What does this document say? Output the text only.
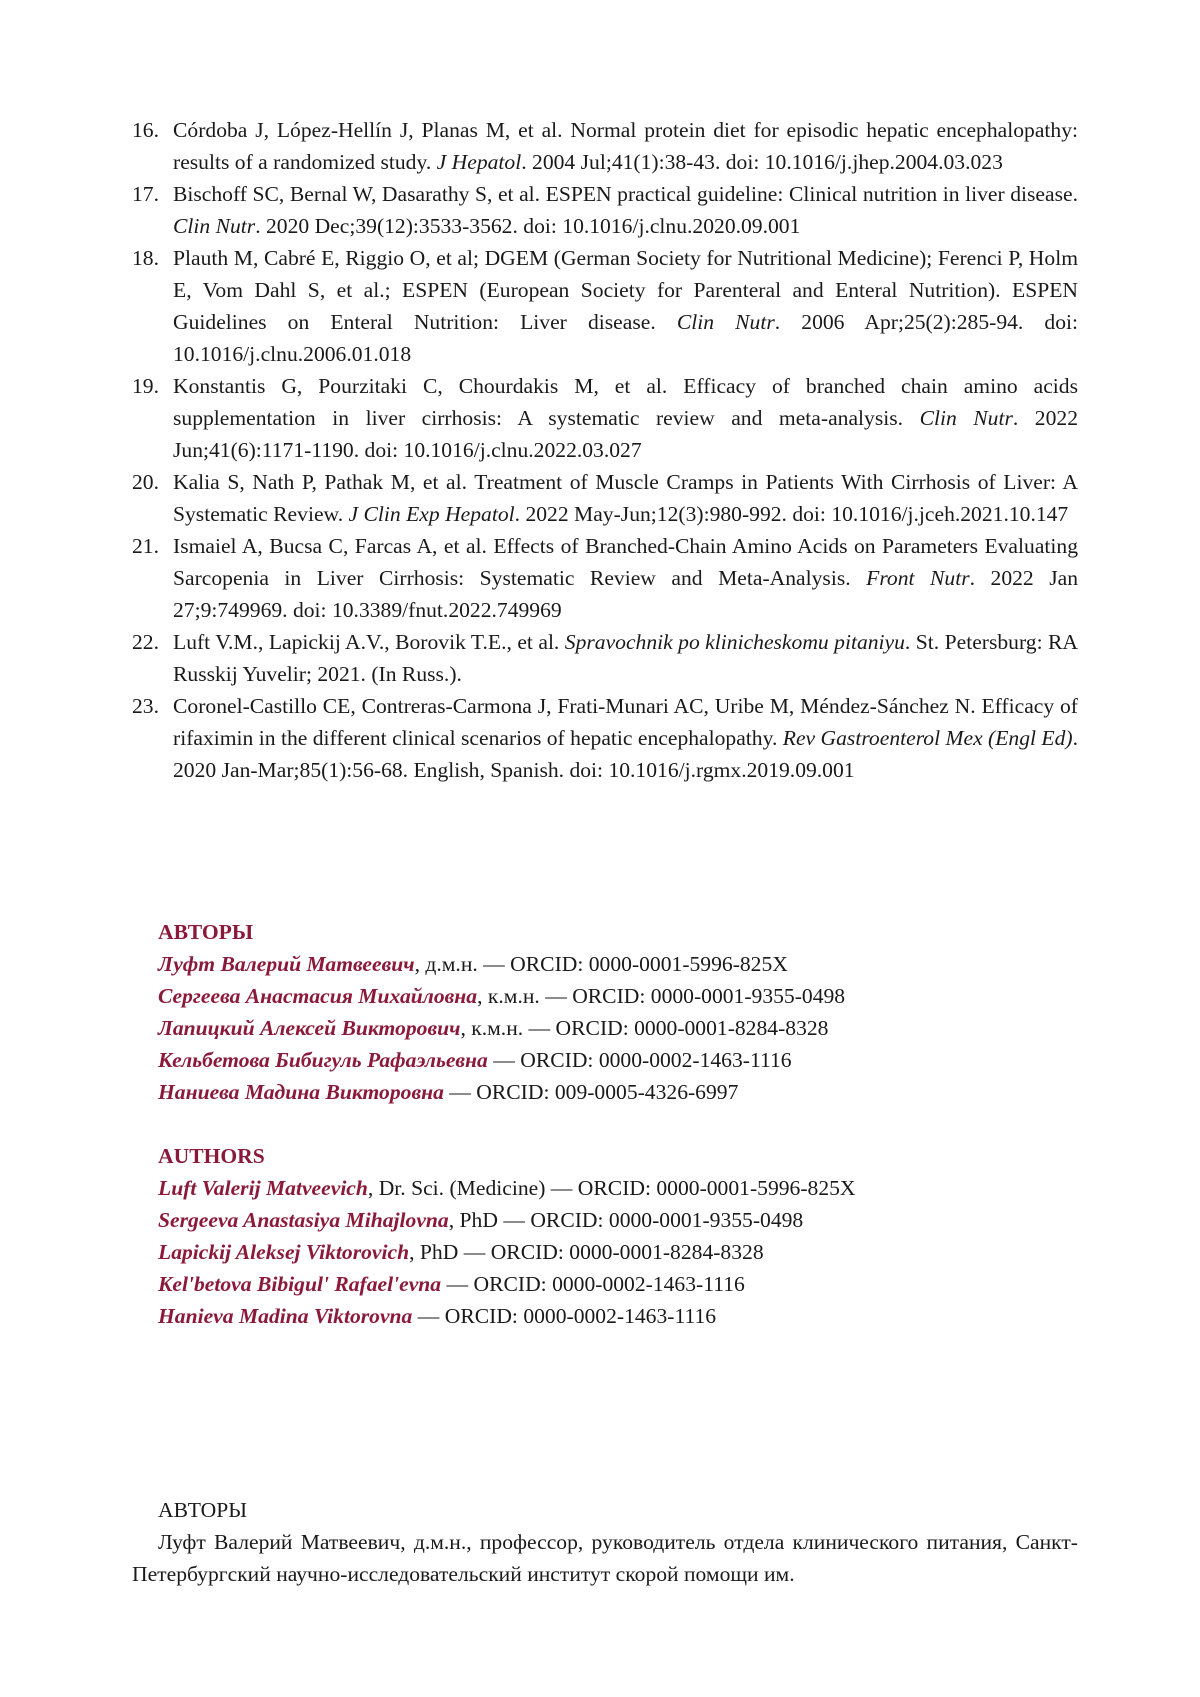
16. Córdoba J, López-Hellín J, Planas M, et al. Normal protein diet for episodic hepatic encephalopathy: results of a randomized study. J Hepatol. 2004 Jul;41(1):38-43. doi: 10.1016/j.jhep.2004.03.023
17. Bischoff SC, Bernal W, Dasarathy S, et al. ESPEN practical guideline: Clinical nutrition in liver disease. Clin Nutr. 2020 Dec;39(12):3533-3562. doi: 10.1016/j.clnu.2020.09.001
18. Plauth M, Cabré E, Riggio O, et al; DGEM (German Society for Nutritional Medicine); Ferenci P, Holm E, Vom Dahl S, et al.; ESPEN (European Society for Parenteral and Enteral Nutrition). ESPEN Guidelines on Enteral Nutrition: Liver disease. Clin Nutr. 2006 Apr;25(2):285-94. doi: 10.1016/j.clnu.2006.01.018
19. Konstantis G, Pourzitaki C, Chourdakis M, et al. Efficacy of branched chain amino acids supplementation in liver cirrhosis: A systematic review and meta-analysis. Clin Nutr. 2022 Jun;41(6):1171-1190. doi: 10.1016/j.clnu.2022.03.027
20. Kalia S, Nath P, Pathak M, et al. Treatment of Muscle Cramps in Patients With Cirrhosis of Liver: A Systematic Review. J Clin Exp Hepatol. 2022 May-Jun;12(3):980-992. doi: 10.1016/j.jceh.2021.10.147
21. Ismaiel A, Bucsa C, Farcas A, et al. Effects of Branched-Chain Amino Acids on Parameters Evaluating Sarcopenia in Liver Cirrhosis: Systematic Review and Meta-Analysis. Front Nutr. 2022 Jan 27;9:749969. doi: 10.3389/fnut.2022.749969
22. Luft V.M., Lapickij A.V., Borovik T.E., et al. Spravochnik po klinicheskomu pitaniyu. St. Petersburg: RA Russkij Yuvelir; 2021. (In Russ.).
23. Coronel-Castillo CE, Contreras-Carmona J, Frati-Munari AC, Uribe M, Méndez-Sánchez N. Efficacy of rifaximin in the different clinical scenarios of hepatic encephalopathy. Rev Gastroenterol Mex (Engl Ed). 2020 Jan-Mar;85(1):56-68. English, Spanish. doi: 10.1016/j.rgmx.2019.09.001
АВТОРЫ
Луфт Валерий Матвеевич, д.м.н. — ORCID: 0000-0001-5996-825X
Сергеева Анастасия Михайловна, к.м.н. — ORCID: 0000-0001-9355-0498
Лапицкий Алексей Викторович, к.м.н. — ORCID: 0000-0001-8284-8328
Кельбетова Бибигуль Рафаэльевна — ORCID: 0000-0002-1463-1116
Наниева Мадина Викторовна — ORCID: 009-0005-4326-6997
AUTHORS
Luft Valerij Matveevich, Dr. Sci. (Medicine) — ORCID: 0000-0001-5996-825X
Sergeeva Anastasiya Mihajlovna, PhD — ORCID: 0000-0001-9355-0498
Lapickij Aleksej Viktorovich, PhD — ORCID: 0000-0001-8284-8328
Kel'betova Bibigul' Rafael'evna — ORCID: 0000-0002-1463-1116
Hanieva Madina Viktorovna — ORCID: 0000-0002-1463-1116
АВТОРЫ
Луфт Валерий Матвеевич, д.м.н., профессор, руководитель отдела клинического питания, Санкт-Петербургский научно-исследовательский институт скорой помощи им.
